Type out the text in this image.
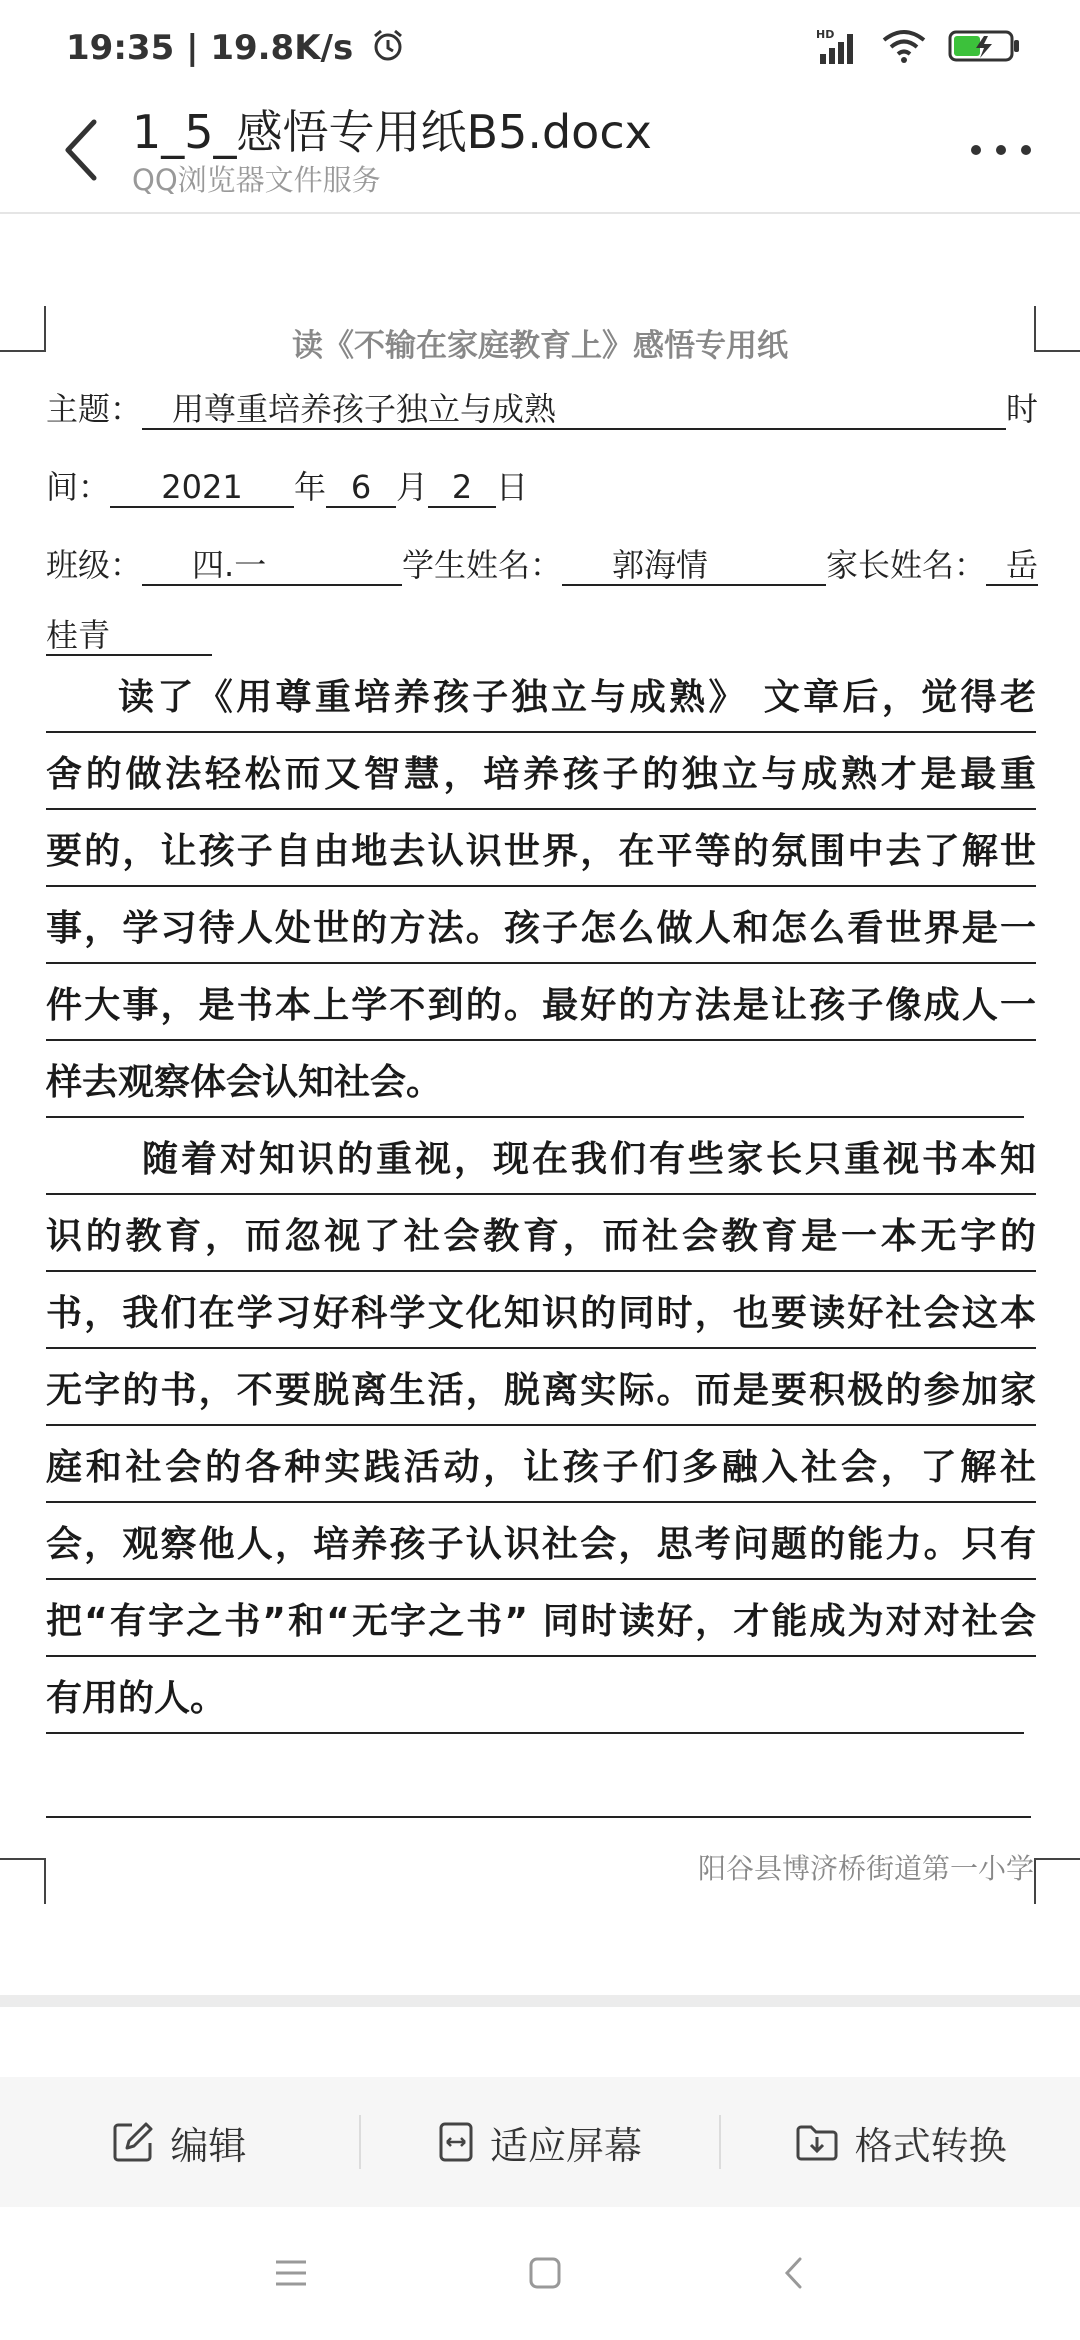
19:35 | 19.8K/s	HD
1_5_感悟专用纸B5.docx
QQ浏览器文件服务
读《不输在家庭教育上》感悟专用纸
主题： 用尊重培养孩子独立与成熟	时
间： 2021 年 6 月 2 日
班级： 四.一	学生姓名： 郭海情	家长姓名： 岳
桂青
读了《用尊重培养孩子独立与成熟》 文章后，觉得老
舍的做法轻松而又智慧，培养孩子的独立与成熟才是最重
要的，让孩子自由地去认识世界，在平等的氛围中去了解世
事，学习待人处世的方法。孩子怎么做人和怎么看世界是一
件大事，是书本上学不到的。最好的方法是让孩子像成人一
样去观察体会认知社会。
随着对知识的重视，现在我们有些家长只重视书本知
识的教育，而忽视了社会教育，而社会教育是一本无字的
书，我们在学习好科学文化知识的同时，也要读好社会这本
无字的书，不要脱离生活，脱离实际。而是要积极的参加家
庭和社会的各种实践活动，让孩子们多融入社会，了解社
会，观察他人，培养孩子认识社会，思考问题的能力。只有
把“有字之书”和“无字之书” 同时读好，才能成为对对社会
有用的人。
阳谷县博济桥街道第一小学
编辑	适应屏幕	格式转换
